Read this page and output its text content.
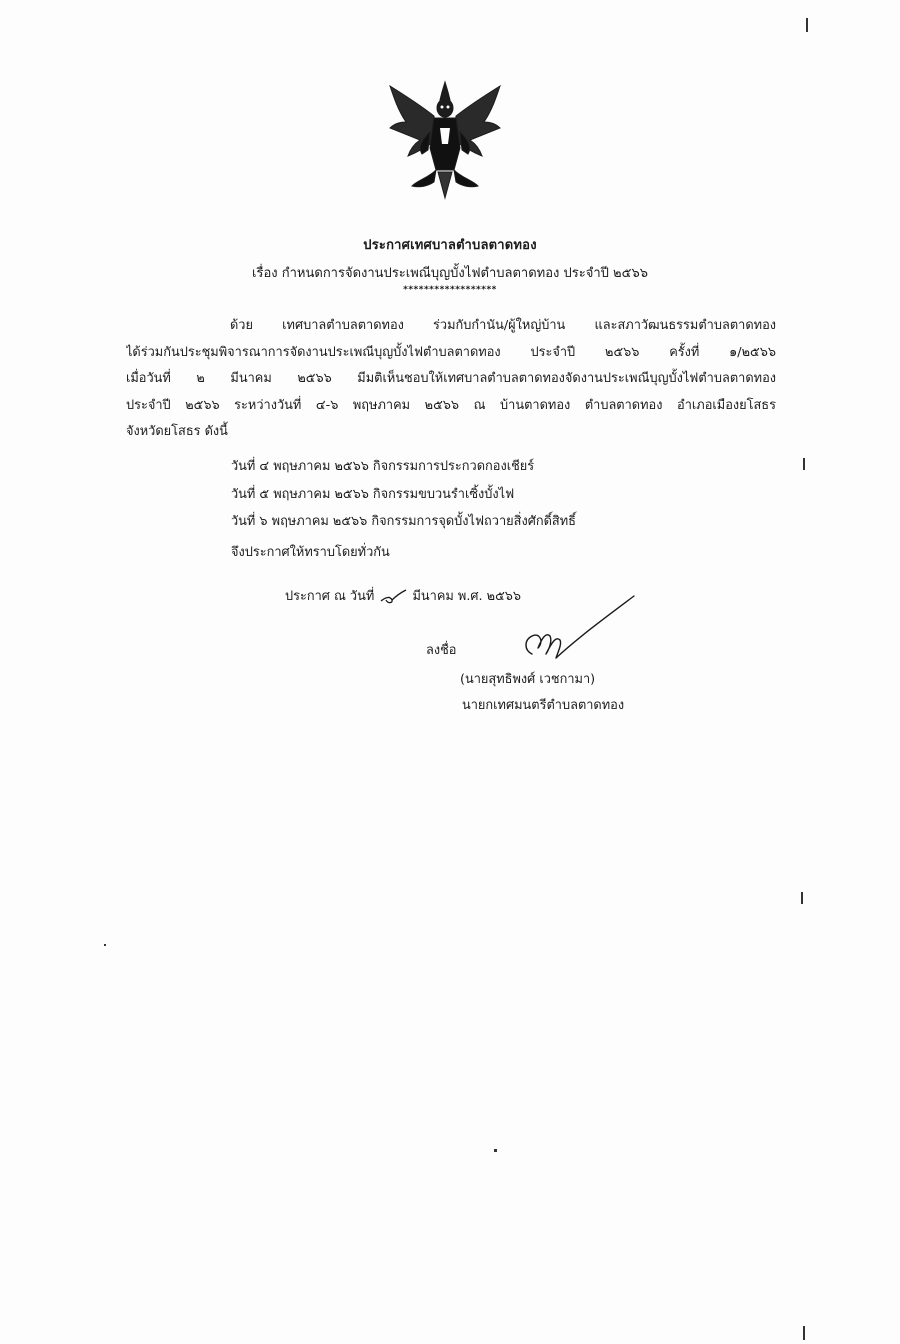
ประกาศเทศบาลตำบลตาดทอง
เรื่อง กำหนดการจัดงานประเพณีบุญบั้งไฟตำบลตาดทอง ประจำปี ๒๕๖๖
******************
ด้วย เทศบาลตำบลตาดทอง ร่วมกับกำนัน/ผู้ใหญ่บ้าน และสภาวัฒนธรรมตำบลตาดทอง
ได้ร่วมกันประชุมพิจารณาการจัดงานประเพณีบุญบั้งไฟตำบลตาดทอง ประจำปี ๒๕๖๖ ครั้งที่ ๑/๒๕๖๖
เมื่อวันที่ ๒ มีนาคม ๒๕๖๖ มีมติเห็นชอบให้เทศบาลตำบลตาดทองจัดงานประเพณีบุญบั้งไฟตำบลตาดทอง
ประจำปี ๒๕๖๖ ระหว่างวันที่ ๔-๖ พฤษภาคม ๒๕๖๖ ณ บ้านตาดทอง ตำบลตาดทอง อำเภอเมืองยโสธร
จังหวัดยโสธร ดังนี้
วันที่ ๔ พฤษภาคม ๒๕๖๖ กิจกรรมการประกวดกองเชียร์
วันที่ ๕ พฤษภาคม ๒๕๖๖ กิจกรรมขบวนรำเซิ้งบั้งไฟ
วันที่ ๖ พฤษภาคม ๒๕๖๖ กิจกรรมการจุดบั้งไฟถวายสิ่งศักดิ์สิทธิ์
จึงประกาศให้ทราบโดยทั่วกัน
ประกาศ ณ วันที่	มีนาคม พ.ศ. ๒๕๖๖
ลงชื่อ
(นายสุทธิพงศ์ เวชกามา)
นายกเทศมนตรีตำบลตาดทอง
